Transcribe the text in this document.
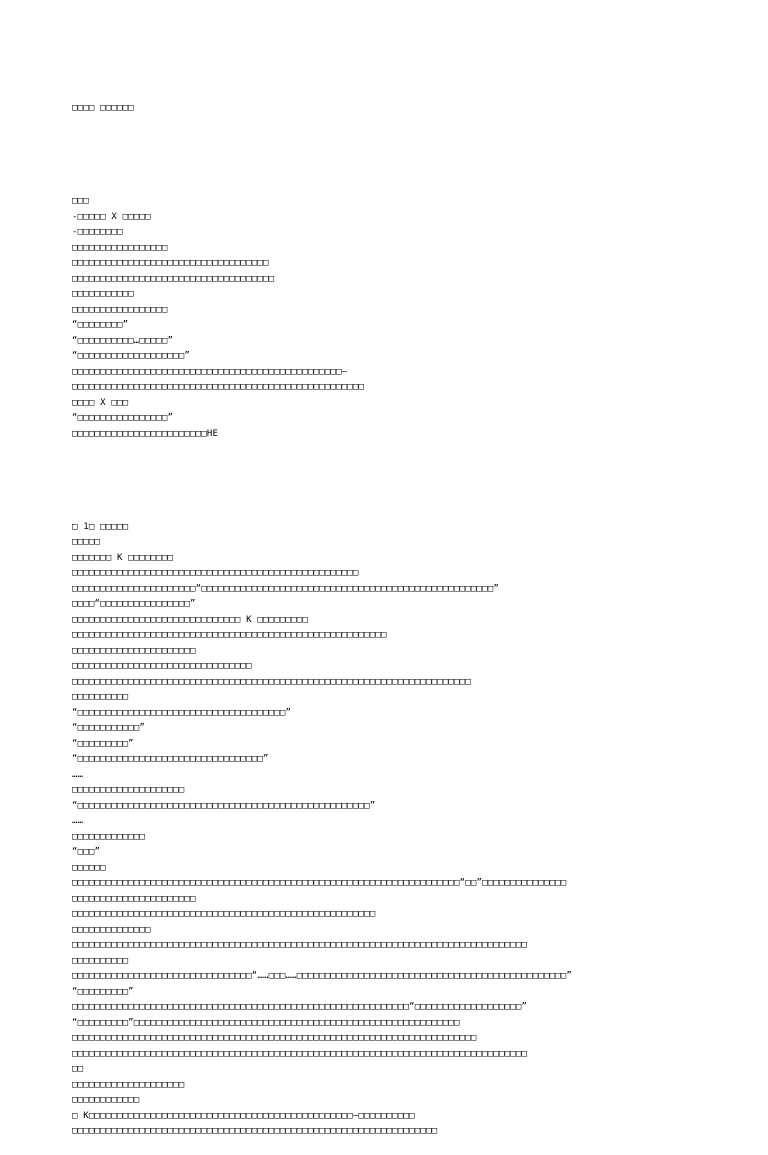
□□□□ □□□□□□

□□□
-□□□□□ X □□□□□
-□□□□□□□□
□□□□□□□□□□□□□□□□□
□□□□□□□□□□□□□□□□□□□□□□□□□□□□□□□□□□□
□□□□□□□□□□□□□□□□□□□□□□□□□□□□□□□□□□□□
□□□□□□□□□□□
□□□□□□□□□□□□□□□□□
“□□□□□□□□”
“□□□□□□□□□□…□□□□□”
“□□□□□□□□□□□□□□□□□□□”
□□□□□□□□□□□□□□□□□□□□□□□□□□□□□□□□□□□□□□□□□□□□□□□□—
□□□□□□□□□□□□□□□□□□□□□□□□□□□□□□□□□□□□□□□□□□□□□□□□□□□□
□□□□ X □□□
“□□□□□□□□□□□□□□□□”
□□□□□□□□□□□□□□□□□□□□□□□□HE

□ 1□ □□□□□
□□□□□
□□□□□□□ K □□□□□□□□
□□□□□□□□□□□□□□□□□□□□□□□□□□□□□□□□□□□□□□□□□□□□□□□□□□□
□□□□□□□□□□□□□□□□□□□□□□“□□□□□□□□□□□□□□□□□□□□□□□□□□□□□□□□□□□□□□□□□□□□□□□□□□□□”
□□□□“□□□□□□□□□□□□□□□□”
□□□□□□□□□□□□□□□□□□□□□□□□□□□□□□ K □□□□□□□□□
□□□□□□□□□□□□□□□□□□□□□□□□□□□□□□□□□□□□□□□□□□□□□□□□□□□□□□□□
□□□□□□□□□□□□□□□□□□□□□□
□□□□□□□□□□□□□□□□□□□□□□□□□□□□□□□□
□□□□□□□□□□□□□□□□□□□□□□□□□□□□□□□□□□□□□□□□□□□□□□□□□□□□□□□□□□□□□□□□□□□□□□□
□□□□□□□□□□
“□□□□□□□□□□□□□□□□□□□□□□□□□□□□□□□□□□□□□”
“□□□□□□□□□□□”
“□□□□□□□□□”
“□□□□□□□□□□□□□□□□□□□□□□□□□□□□□□□□□”
……
□□□□□□□□□□□□□□□□□□□□
“□□□□□□□□□□□□□□□□□□□□□□□□□□□□□□□□□□□□□□□□□□□□□□□□□□□□”
……
□□□□□□□□□□□□□
“□□□”
□□□□□□
□□□□□□□□□□□□□□□□□□□□□□□□□□□□□□□□□□□□□□□□□□□□□□□□□□□□□□□□□□□□□□□□□□□□□“□□”□□□□□□□□□□□□□□□
□□□□□□□□□□□□□□□□□□□□□□
□□□□□□□□□□□□□□□□□□□□□□□□□□□□□□□□□□□□□□□□□□□□□□□□□□□□□□
□□□□□□□□□□□□□□
□□□□□□□□□□□□□□□□□□□□□□□□□□□□□□□□□□□□□□□□□□□□□□□□□□□□□□□□□□□□□□□□□□□□□□□□□□□□□□□□□
□□□□□□□□□□
□□□□□□□□□□□□□□□□□□□□□□□□□□□□□□□□“……□□□……□□□□□□□□□□□□□□□□□□□□□□□□□□□□□□□□□□□□□□□□□□□□□□□□”
“□□□□□□□□□”
□□□□□□□□□□□□□□□□□□□□□□□□□□□□□□□□□□□□□□□□□□□□□□□□□□□□□□□□□□□□“□□□□□□□□□□□□□□□□□□□”
“□□□□□□□□□”□□□□□□□□□□□□□□□□□□□□□□□□□□□□□□□□□□□□□□□□□□□□□□□□□□□□□□□□□□
□□□□□□□□□□□□□□□□□□□□□□□□□□□□□□□□□□□□□□□□□□□□□□□□□□□□□□□□□□□□□□□□□□□□□□□□
□□□□□□□□□□□□□□□□□□□□□□□□□□□□□□□□□□□□□□□□□□□□□□□□□□□□□□□□□□□□□□□□□□□□□□□□□□□□□□□□□
□□
□□□□□□□□□□□□□□□□□□□□
□□□□□□□□□□□□
□ K□□□□□□□□□□□□□□□□□□□□□□□□□□□□□□□□□□□□□□□□□□□□□□□—□□□□□□□□□□
□□□□□□□□□□□□□□□□□□□□□□□□□□□□□□□□□□□□□□□□□□□□□□□□□□□□□□□□□□□□□□□□□
